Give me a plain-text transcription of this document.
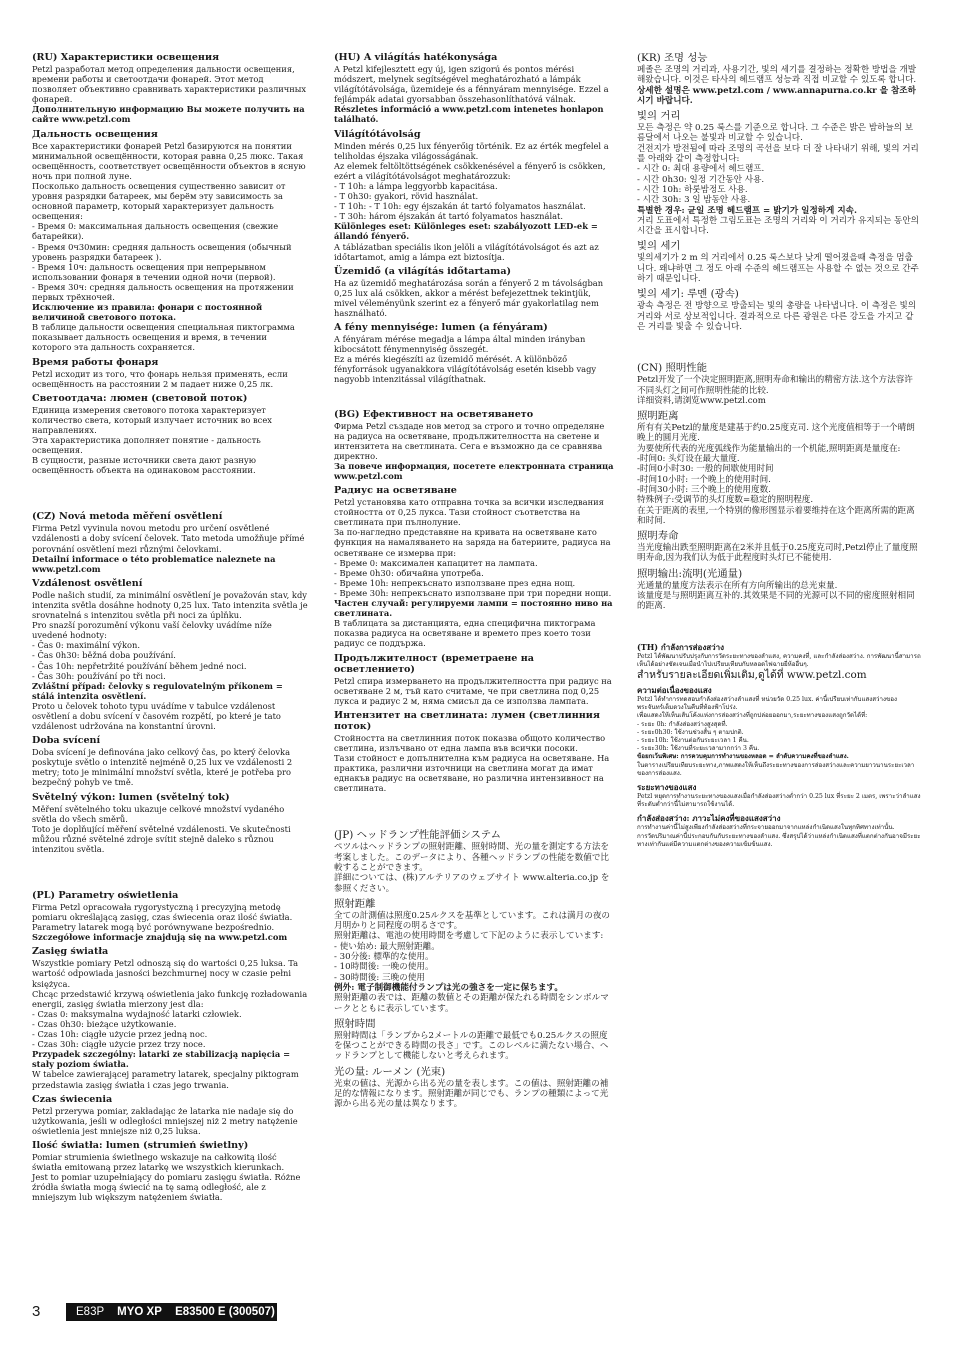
(RU) Характеристики освещения
Petzl разработал метод определения дальности освещения, времени работы и светоотдачи фонарей. Этот метод позволяет объективно сравнивать характеристики различных фонарей.
Дополнительную информацию Вы можете получить на сайте www.petzl.com
Дальность освещения
Все характеристики фонарей Petzl базируются на понятии минимальной освещённости, которая равна 0,25 люкс. Такая освещённость, соответствует освещённости объектов в ясную ночь при полной луне.
Посколько дальность освещения существенно зависит от уровня разрядки батареек, мы берём эту зависимость за основной параметр, который характеризует дальность освещения:
- Время 0: максимальная дальность освещения (свежие батарейки).
- Время 0ч30мин: средняя дальность освещения (обычный уровень разрядки батареек ).
- Время 10ч: дальность освещения при непрерывном использовании фонаря в течении одной ночи (первой).
- Время 30ч: средняя дальность освещения на протяжении первых трёхночей.
Исключение из правила: фонари с постоянной величиной светового потока.
В таблице дальности освещения специальная пиктограмма показывает дальность освещения и время, в течении которого эта дальность сохраняется.
Время работы фонаря
Petzl исходит из того, что фонарь нельзя применять, если освещённость на расстоянии 2 м падает ниже 0,25 лк.
Светоотдача: люмен (световой поток)
Единица измерения светового потока характеризует количество света, который излучает источник во всех направлениях.
Эта характеристика дополняет понятие - дальность освещения.
В сущности, разные источники света дают разную освещённость объекта на одинаковом расстоянии.
(CZ) Nová metoda měření osvětlení
Firma Petzl vyvinula novou metodu pro určení osvětlené vzdálenosti a doby svícení čelovek. Tato metoda umožňuje přímé porovnání osvětlení mezi různými čelovkami.
Detailní informace o této problematice naleznete na www.petzl.com
Vzdálenost osvětlení
Podle našich studií, za minimální osvětlení je považován stav, kdy intenzita světla dosáhne hodnoty 0,25 lux. Tato intenzita světla je srovnatelná s intenzitou světla při noci za úplňku.
Pro snazší porozumění výkonu vaší čelovky uvádíme níže uvedené hodnoty:
- Čas 0: maximální výkon.
- Čas 0h30: běžná doba používání.
- Čas 10h: nepřetržité používání během jedné noci.
- Čas 30h: používání po tři noci.
Zvláštní případ: čelovky s regulovatelným příkonem = stálá intenzita osvětlení.
Proto u čelovek tohoto typu uvádíme v tabulce vzdálenost osvětlení a dobu svícení v časovém rozpětí, po které je tato vzdálenost udržována na konstantní úrovni.
Doba svícení
Doba svícení je definována jako celkový čas, po který čelovka poskytuje světlo o intenzitě nejméně 0,25 lux ve vzdálenosti 2 metry; toto je minimální množství světla, které je potřeba pro bezpečný pohyb ve tmě.
Světelný výkon: lumen (světelný tok)
Měření světelného toku ukazuje celkové množství vydaného světla do všech směrů.
Toto je doplňující měření světelné vzdálenosti. Ve skutečnosti můžou různé světelné zdroje svítit stejně daleko s různou intenzitou světla.
(PL) Parametry oświetlenia
Firma Petzl opracowała rygorystyczną i precyzyjną metodę pomiaru określającą zasięg, czas świecenia oraz ilość światła. Parametry latarek mogą być porównywane bezpośrednio.
Szczegółowe informacje znajdują się na www.petzl.com
Zasięg światła
Wszystkie pomiary Petzl odnoszą się do wartości 0,25 luksa. Ta wartość odpowiada jasności bezchmurnej nocy w czasie pełni księżyca.
Chcąc przedstawić krzywą oświetlenia jako funkcję rozładowania energii, zasięg światła mierzony jest dla:
- Czas 0: maksymalna wydajność latarki człowiek.
- Czas 0h30: bieżące użytkowanie.
- Czas 10h: ciągłe użycie przez jedną noc.
- Czas 30h: ciągłe użycie przez trzy noce.
Przypadek szczególny: latarki ze stabilizacją napięcia = stały poziom światła.
W tabelce zawierającej parametry latarek, specjalny piktogram przedstawia zasięg światła i czas jego trwania.
Czas świecenia
Petzl przerywa pomiar, zakładając że latarka nie nadaje się do użytkowania, jeśli w odległości mniejszej niż 2 metry natężenie oświetlenia jest mniejsze niż 0,25 luksa.
Ilość światła: lumen (strumień świetlny)
Pomiar strumienia świetlnego wskazuje na całkowitą ilość światła emitowaną przez latarkę we wszystkich kierunkach.
Jest to pomiar uzupełniający do pomiaru zasięgu światła. Różne źródła światła mogą świecić na tę samą odległość, ale z mniejszym lub większym natężeniem światła.
(HU) A világítás hatékonysága
A Petzl kifejlesztett egy új, igen szigorú és pontos mérési módszert, melynek segítségével meghatározható a lámpák világítótávolsága, üzemideje és a fénnyáram mennyisége. Ezzel a fejlámpák adatai gyorsabban összehasonlíthatóvá válnak.
Részletes információ a www.petzl.com intenetes honlapon található.
Világítótávolság
Minden mérés 0,25 lux fényerőig történik. Ez az érték megfelel a teliholdas éjszaka világosságának.
Az elemek feltöltöttségének csökkenésével a fényerő is csökken, ezért a világítótávolságot meghatározzuk:
- T 10h: a lámpa leggyorbb kapacitása.
- T 0h30: gyakori, rövid használat.
- T 10h: - T 10h: egy éjszakán át tartó folyamatos használat.
- T 30h: három éjszakán át tartó folyamatos használat.
Különleges eset: Különleges eset: szabályozott LED-ek = állandó fényerő.
A táblázatban speciális ikon jelöli a világítótávolságot és azt az időtartamot, amig a lámpa ezt biztosítja.
Üzemidő (a világítás időtartama)
Ha az üzemidő meghatározása során a fényerő 2 m távolságban 0,25 lux alá csökken, akkor a mérést befejezettnek tekintjük, mivel véleményünk szerint ez a fényerő már gyakorlatilag nem használható.
A fény mennyisége: lumen (a fényáram)
A fényáram mérése megadja a lámpa által minden irányban kibocsátott fénymennyiség összegét.
Ez a mérés kiegészíti az üzemidő mérését. A különböző fényforrások ugyanakkora világítótávolság esetén kisebb vagy nagyobb intenzitással világíthatnak.
(BG) Ефективност на осветяването
Фирма Petzl създаде нов метод за строго и точно определяне на радиуса на осветяване, продължителността на светене и интензитета на светлината. Сега е възможно да се сравнява директно.
За повече информация, посетете електронната страница www.petzl.com
Радиус на осветяване
Petzl установява като отправна точка за всички изследвания стойността от 0,25 лукса. Тази стойност съответства на светлината при пълнолуние.
За по-нагледно представяне на кривата на осветяване като функция на намаляването на заряда на батериите, радиуса на осветяване се измерва при:
- Време 0: максимален капацитет на лампата.
- Време 0h30: обичайна употреба.
- Време 10h: непрекъснато използване през една нощ.
- Време 30h: непрекъснато използване при три поредни нощи.
Частен случай: регулируеми лампи = постоянно ниво на светлината.
В таблицата за дистанцията, една специфична пиктограма показва радиуса на осветяване и времето през което този радиус се поддържа.
Продължителност (времетраене на осветлението)
Petzl спира измерването на продължителността при радиус на осветяване 2 м, тъй като считаме, че при светлина под 0,25 лукса и радиус 2 м, няма смисъл да се използва лампата.
Интензитет на светлината: лумен (светлинния поток)
Стойността на светлинния поток показва общото количество светлина, излъчвано от една лампа във всички посоки.
Тази стойност е допълнителна към радиуса на осветяване. На практика, различни източници на светлина могат да имат еднакъв радиус на осветяване, но различна интензивност на светлината.
(JP) ヘッドランプ性能評価システム
ペツルはヘッドランプの照射距離、照射時間、光の量を測定する方法を考案しました。このデータにより、各種ヘッドランプの性能を数値で比較することができます。
詳細については、(株)アルテリアのウェブサイト www.alteria.co.jp を参照ください。
照射距離
全ての計測値は照度0.25ルクスを基準としています。これは満月の夜の月明かりと同程度の明るさです。
照射距離は、電池の使用時間を考慮して下記のように表示しています:
- 使い始め: 最大照射距離。
- 30分後: 標準的な使用。
- 10時間後: 一晩の使用。
- 30時間後: 三晩の使用
例外: 電子制御機能付ランプは光の強さを一定に保ちます。
照射距離の表では、距離の数値とその距離が保たれる時間をシンボルマークとともに表示しています。
照射時間
照射時間は「ランプから2メートルの距離で最低でも0.25ルクスの照度を保つことができる時間の長さ」です。このレベルに満たない場合、ヘッドランプとして機能しないと考えられます。
光の量: ルーメン (光束)
光束の値は、光源から出る光の量を表します。この値は、照射距離の補足的な情報になります。照射距離が同じでも、ランプの種類によって光源から出る光の量は異なります。
(KR) 조명 성능
페졸은 조명의 거리과, 사용기간, 빛의 세기를 결정하는 정확한 방법을 개발해왔습니다. 이것은 타사의 헤드램프 성능과 직접 비교할 수 있도록 합니다.
상세한 설명은 www.petzl.com / www.annapurna.co.kr 을 참조하시기 바랍니다.
빛의 거리
모든 측정은 약 0.25 룩스를 기준으로 합니다. 그 수준은 밝은 밤하늘의 보름달에서 나오는 불빛과 비교할 수 있습니다.
건전지가 방전됨에 따라 조명의 곡선을 보다 더 잘 나타내기 위해, 빛의 거리를 아래와 같이 측정합니다:
- 시간 0: 최대 용량에서 헤드램프.
- 시간 0h30: 일정 기간동안 사용.
- 시간 10h: 하룻밤정도 사용.
- 시간 30h: 3 일 밤동안 사용.
특별한 경우: 균일 조명 헤드램프 = 밝기가 일정하게 지속.
거리 도표에서 특정한 그림도표는 조명의 거리와 이 거리가 유지되는 동안의 시간을 표시합니다.
빛의 세기
빛의세기가 2 m 의 거리에서 0.25 룩스보다 낮게 떨어졌을때 측정을 멈춥니다. 왜냐하면 그 정도 아래 수준의 헤드램프는 사용할 수 없는 것으로 간주하기 때문입니다.
빛의 세기: 루멘 (광속)
광속 측정은 전 방향으로 방출되는 빛의 총량을 나타냅니다. 이 측정은 빛의 거리와 서로 상보적입니다. 결과적으로 다른 광원은 다른 강도을 가지고 같은 거리를 빛출 수 있습니다.
(CN) 照明性能
Petzl开发了一个决定照明距离,照明寿命和输出的精密方法.这个方法容许不同头灯之间可作照明性能的比较.
详细资料,请浏览www.petzl.com
照明距离
所有有关Petzl的量度是建基于约0.25度克司. 这个光度值相等于一个晴朗晚上的圆月光度.
为要使所代表的光度弧线作为能量输出的一个机能,照明距离是量度在:
-时间0: 头灯设在最大量度.
-时间0小时30: 一般的间歇使用时间
-时间10小时: 一个晚上的使用时间.
-时间30小时: 三个晚上的使用度数.
特殊例子:受调节的头灯度数=稳定的照明程度.
在关于距离的表里,一个特别的像形图显示着要维持在这个距离所需的距离和时间.
照明寿命
当光度输出跌至照明距离在2米并且低于0.25度克司时,Petzl停止了量度照明寿命,因为我们认为低于此程度时头灯已不能使用.
照明输出:流明(光通量)
光通量的量度方法表示在所有方向所输出的总光束量.
该量度是与照明距离互补的.其效果是不同的光源可以不同的密度照射相同的距离.
(TH) กำลังการส่องสว่าง
Petzl ได้พัฒนาปรับปรุงกับการวัดระยะทางของลำแสง, ความคงที่, และกำลังส่องสว่าง. การพัฒนานี้สามารถเห็นได้อย่างชัดเจนเมื่อนำไปเปรียบเทียบกับหลอดไฟฉายยี่ห้ออื่นๆ.
สำหรับรายละเอียดเพิ่มเติม,ดูได้ที่ www.petzl.com
ความต่อเนื่องของแสง
Petzl ได้ทำการทดสอบกำลังส่องสว่างลำแสงที่ หน่วยวัด 0.25 lux. ค่านี้เปรียบเท่ากับแสงสว่างของพระจันทร์เต็มดวงในคืนที่ท้องฟ้าโปร่ง.
เพื่อแสดงให้เห็นเส้นโค้งแห่งการส่องสว่างที่ถูกปล่อยออกมา,ระยะทางของแสงถูกวัดได้ที่:
- ระยะ 0h: กำลังส่องสว่างสูงสุดที่.
- ระยะ0h30: ใช้งานช่วงสั้น ๆ ตามปกติ.
- ระยะ10h: ใช้งานต่อกันระยะเวลา 1 คืน.
- ระยะ30h: ใช้งานที่ระยะเวลามากกว่า 3 คืน.
ข้อยกเว้นพิเศษ: การควบคุมการทำงานของหลอด = ลำดับความคงที่ของลำแสง.
ในตารางเปรียบเทียบระยะทาง,ภาพแสดงให้เห็นถึงระยะทางของการส่องสว่างและความยาวนานระยะเวลาของการส่องแสง.
ระยะทางของแสง
Petzl หยุดการทำงานระยะทางของแสงเมื่อกำลังส่องสว่างต่ำกว่า 0.25 lux ที่ระยะ 2 เมตร, เพราะว่าลำแสงที่ระดับต่ำกว่านี้ไม่สามารถใช้งานได้.
กำลังส่องสว่าง: ภาวะไม่คงที่ของแสงสว่าง
การทำงานค่านี้ไม่สูงเพียงกำลังส่องสว่างที่กระจายออกมาจากแหล่งกำเนิดแสงในทุกทิศทางเท่านั้น.
การวัดปริมาณค่านี้ประกอบกันกับระยะทางของลำแสง. ซึ่งสรุปได้ว่าแหล่งกำเนิดแสงที่แตกต่างกันอาจมีระยะทางเท่ากันแต่มีความแตกต่างของความเข้มข้นแสง.
3	E83P MYO XP E83500 E (300507)
